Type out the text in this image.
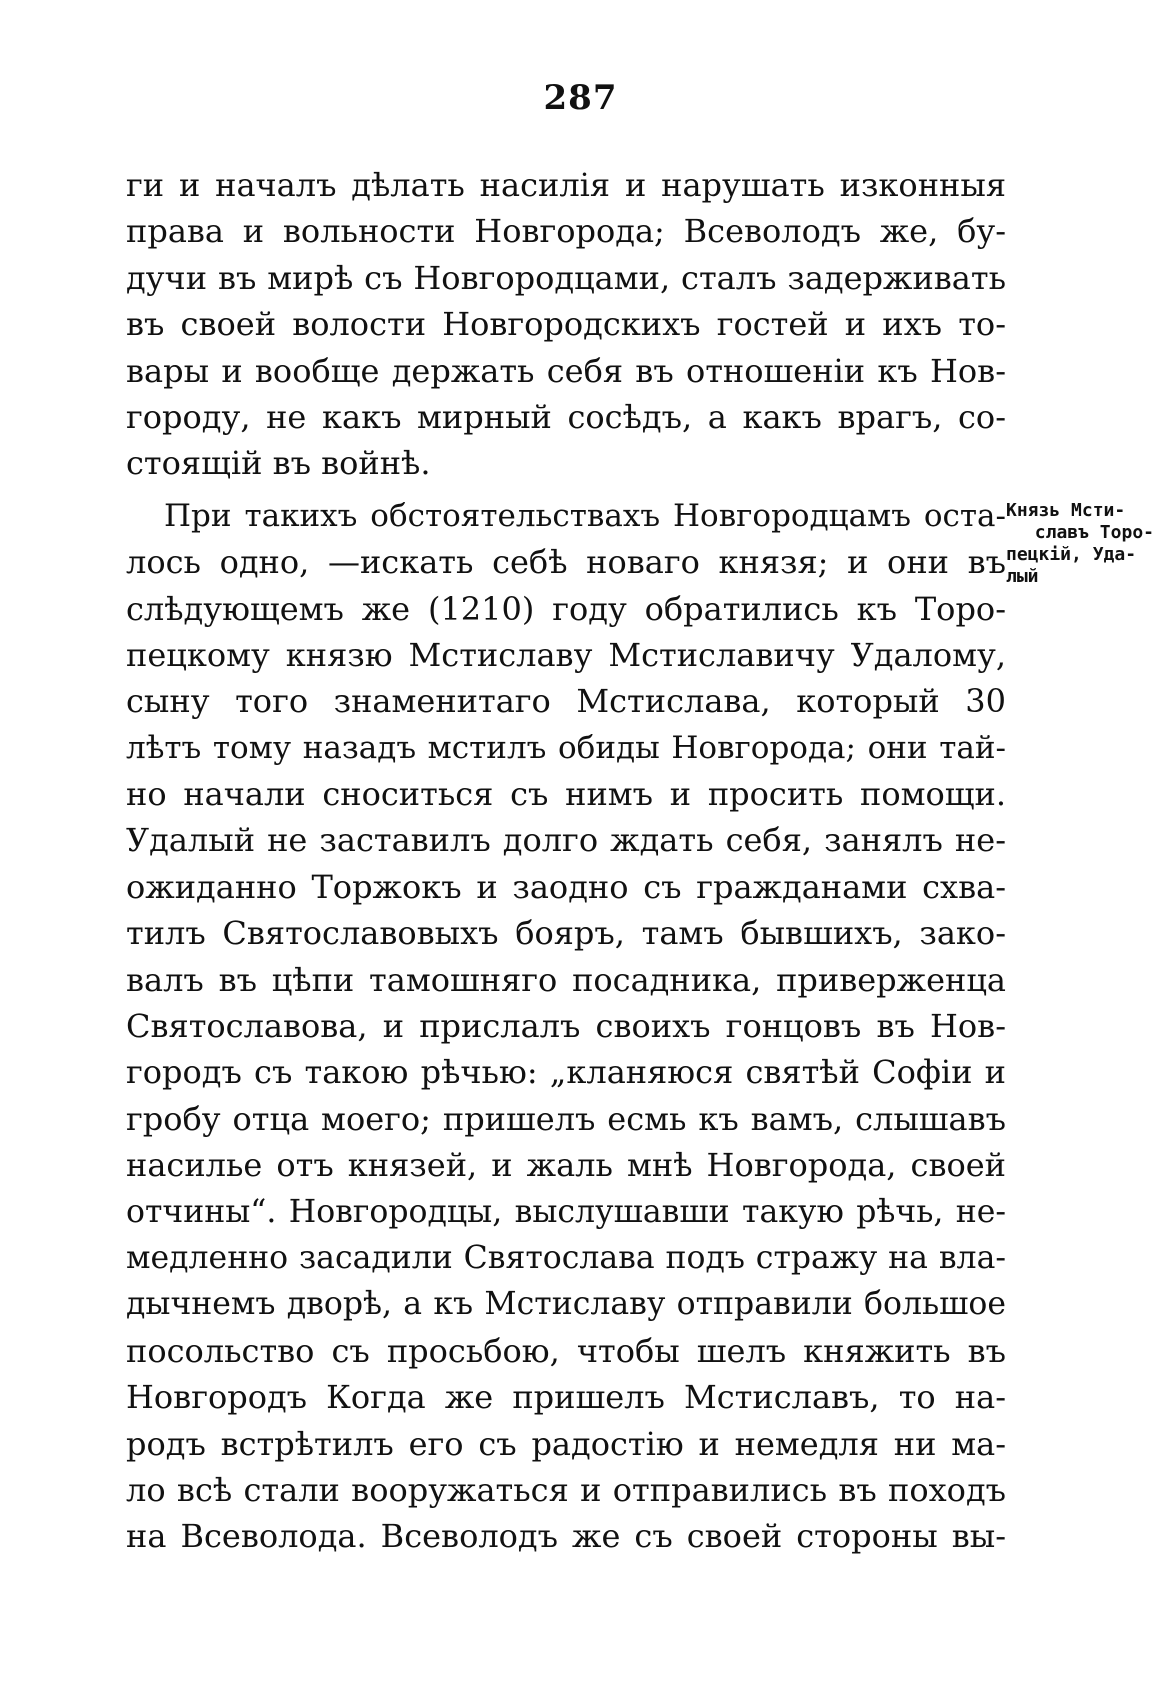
287
ги и началъ дѣлать насилія и нарушать изконныя
права и вольности Новгорода; Всеволодъ же, бу-
дучи въ мирѣ съ Новгородцами, сталъ задерживать
въ своей волости Новгородскихъ гостей и ихъ то-
вары и вообще держать себя въ отношеніи къ Нов-
городу, не какъ мирный сосѣдъ, а какъ врагъ, со-
стоящій въ войнѣ.
При такихъ обстоятельствахъ Новгородцамъ оста-
лось одно, —искать себѣ новаго князя; и они въ
слѣдующемъ же (1210) году обратились къ Торо-
пецкому князю Мстиславу Мстиславичу Удалому,
сыну того знаменитаго Мстислава, который 30
лѣтъ тому назадъ мстилъ обиды Новгорода; они тай-
но начали сноситься съ нимъ и просить помощи.
Удалый не заставилъ долго ждать себя, занялъ не-
ожиданно Торжокъ и заодно съ гражданами схва-
тилъ Святославовыхъ бояръ, тамъ бывшихъ, зако-
валъ въ цѣпи тамошняго посадника, приверженца
Святославова, и прислалъ своихъ гонцовъ въ Нов-
городъ съ такою рѣчью: „кланяюся святѣй Софіи и
гробу отца моего; пришелъ есмь къ вамъ, слышавъ
насилье отъ князей, и жаль мнѣ Новгорода, своей
отчины“. Новгородцы, выслушавши такую рѣчь, не-
медленно засадили Святослава подъ стражу на вла-
дычнемъ дворѣ, а къ Мстиславу отправили большое
посольство съ просьбою, чтобы шелъ княжить въ
Новгородъ Когда же пришелъ Мстиславъ, то на-
родъ встрѣтилъ его съ радостію и немедля ни ма-
ло всѣ стали вооружаться и отправились въ походъ
на Всеволода. Всеволодъ же съ своей стороны вы-
Князь Мсти-
славъ Торо-
пецкій, Уда-
лый
